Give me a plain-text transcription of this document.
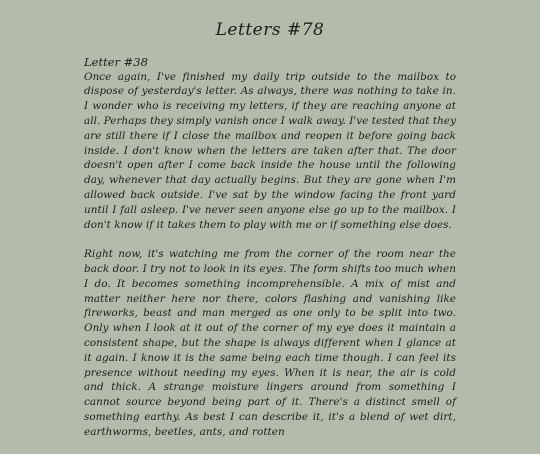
Letters #78

Letter #38

Once again, I've finished my daily trip outside to the mailbox to dispose of yesterday's letter. As always, there was nothing to take in. I wonder who is receiving my letters, if they are reaching anyone at all. Perhaps they simply vanish once I walk away. I've tested that they are still there if I close the mailbox and reopen it before going back inside. I don't know when the letters are taken after that. The door doesn't open after I come back inside the house until the following day, whenever that day actually begins. But they are gone when I'm allowed back outside. I've sat by the window facing the front yard until I fall asleep. I've never seen anyone else go up to the mailbox. I don't know if it takes them to play with me or if something else does.

Right now, it's watching me from the corner of the room near the back door. I try not to look in its eyes. The form shifts too much when I do. It becomes something incomprehensible. A mix of mist and matter neither here nor there, colors flashing and vanishing like fireworks, beast and man merged as one only to be split into two. Only when I look at it out of the corner of my eye does it maintain a consistent shape, but the shape is always different when I glance at it again. I know it is the same being each time though. I can feel its presence without needing my eyes. When it is near, the air is cold and thick. A strange moisture lingers around from something I cannot source beyond being part of it. There's a distinct smell of something earthy. As best I can describe it, it's a blend of wet dirt, earthworms, beetles, ants, and rotten
